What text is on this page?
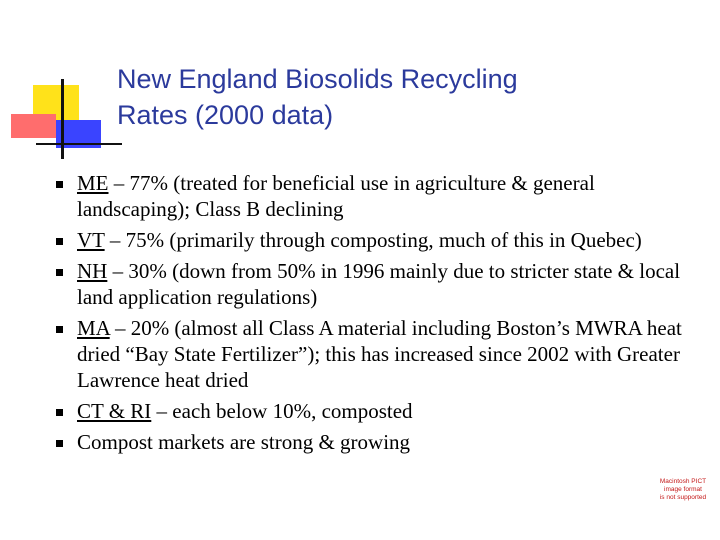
New England Biosolids Recycling
Rates (2000 data)
ME – 77% (treated for beneficial use in agriculture & general landscaping); Class B declining
VT – 75% (primarily through composting, much of this in Quebec)
NH – 30% (down from 50% in 1996 mainly due to stricter state & local land application regulations)
MA – 20% (almost all Class A material including Boston’s MWRA heat dried “Bay State Fertilizer”); this has increased since 2002 with Greater Lawrence heat dried
CT & RI – each below 10%, composted
Compost markets are strong & growing
Macintosh PICT
image format
is not supported
